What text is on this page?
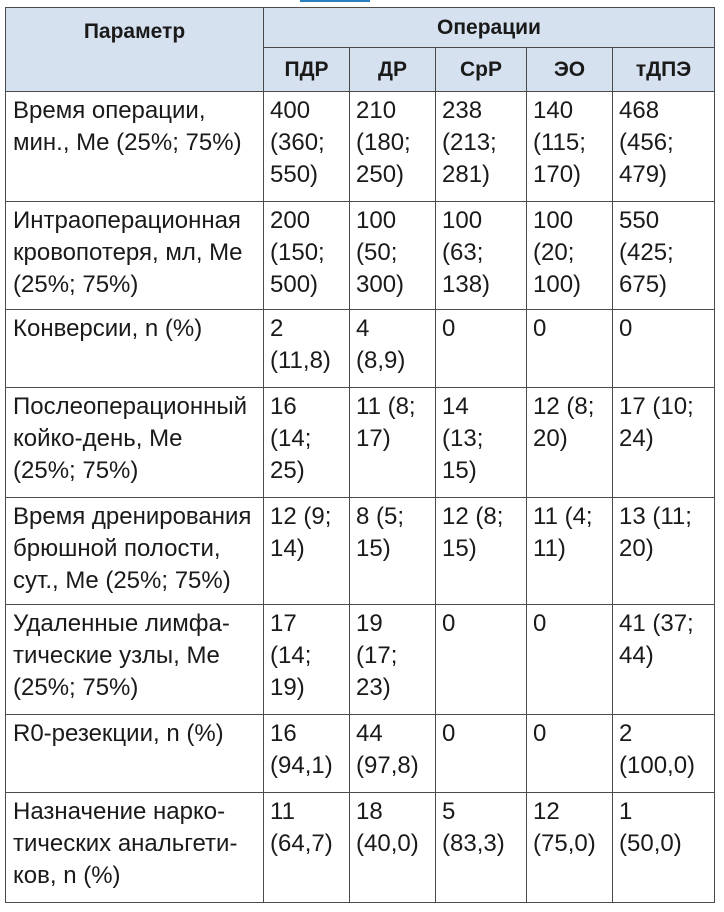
Параметр	Операции				
	ПДР	ДР	СрР	ЭО	тДПЭ

Время операции,
мин., Me (25%; 75%)	400
(360;
550)	210
(180;
250)	238
(213;
281)	140
(115;
170)	468
(456;
479)

Интраоперационная
кровопотеря, мл, Me
(25%; 75%)	200
(150;
500)	100
(50;
300)	100
(63;
138)	100
(20;
100)	550
(425;
675)

Конверсии, n (%)	2
(11,8)	4
(8,9)	0	0	0

Послеоперационный
койко-день, Me
(25%; 75%)	16
(14;
25)	11 (8;
17)	14
(13;
15)	12 (8;
20)	17 (10;
24)

Время дренирования
брюшной полости,
сут., Me (25%; 75%)	12 (9;
14)	8 (5;
15)	12 (8;
15)	11 (4;
11)	13 (11;
20)

Удаленные лимфа-
тические узлы, Me
(25%; 75%)	17
(14;
19)	19
(17;
23)	0	0	41 (37;
44)

R0-резекции, n (%)	16
(94,1)	44
(97,8)	0	0	2
(100,0)

Назначение нарко-
тических анальгети-
ков, n (%)	11
(64,7)	18
(40,0)	5
(83,3)	12
(75,0)	1
(50,0)
